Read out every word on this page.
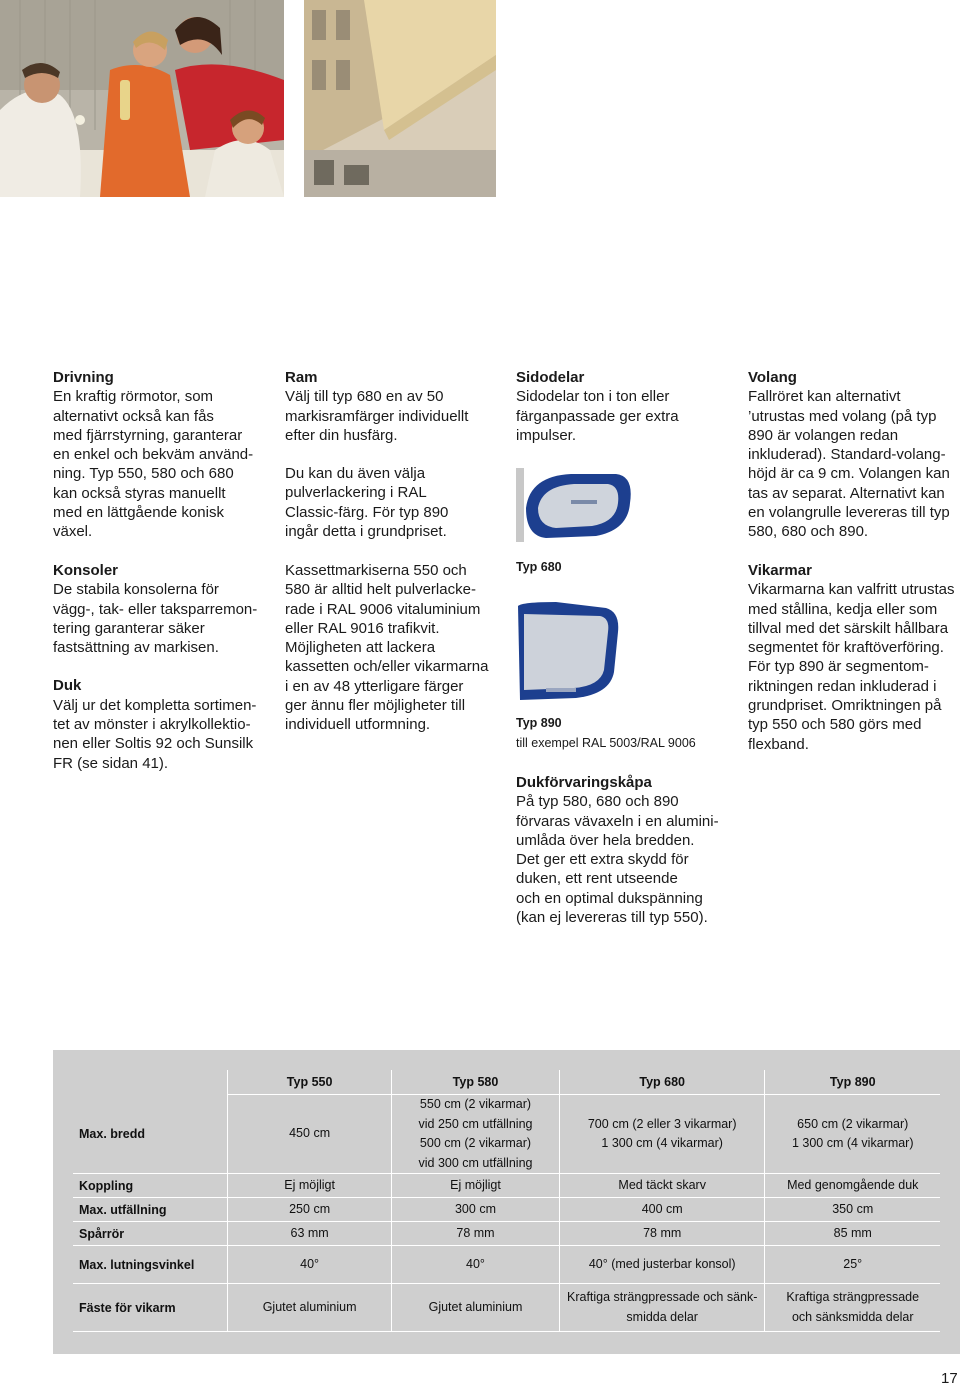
Drivning

En kraftig rörmotor, som
alternativt också kan fås
med fjärrstyrning, garanterar
en enkel och bekväm använd-
ning. Typ 550, 580 och 680
kan också styras manuellt
med en lättgående konisk
växel.

Konsoler

De stabila konsolerna för
vägg-, tak- eller taksparremon-
tering garanterar säker
fastsättning av markisen.

Duk

Välj ur det kompletta sortimen-
tet av mönster i akrylkollektio-
nen eller Soltis 92 och Sunsilk
FR (se sidan 41).

Ram

Välj till typ 680 en av 50
markisramfärger individuellt
efter din husfärg.

Du kan du även välja
pulverlackering i RAL
Classic-färg. För typ 890
ingår detta i grundpriset.

Kassettmarkiserna 550 och
580 är alltid helt pulverlacke-
rade i RAL 9006 vitaluminium
eller RAL 9016 trafikvit.
Möjligheten att lackera
kassetten och/eller vikarmarna
i en av 48 ytterligare färger
ger ännu fler möjligheter till
individuell utformning.

Sidodelar

Sidodelar ton i ton eller
färganpassade ger extra
impulser.

Typ 680
Typ 890
till exempel RAL 5003/RAL 9006
Dukförvaringskåpa

På typ 580, 680 och 890
förvaras vävaxeln i en alumini-
umlåda över hela bredden.
Det ger ett extra skydd för
duken, ett rent utseende
och en optimal dukspänning
(kan ej levereras till typ 550).

Volang

Fallröret kan alternativt
’utrustas med volang (på typ
890 är volangen redan
inkluderad). Standard-volang-
höjd är ca 9 cm. Volangen kan
tas av separat. Alternativt kan
en volangrulle levereras till typ
580, 680 och 890.

Vikarmar

Vikarmarna kan valfritt utrustas
med stållina, kedja eller som
tillval med det särskilt hållbara
segmentet för kraftöverföring.
För typ 890 är segmentom-
riktningen redan inkluderad i
grundpriset. Omriktningen på
typ 550 och 580 görs med
flexband.

	Typ 550	Typ 580	Typ 680	Typ 890
Max. bredd	450 cm	550 cm (2 vikarmar)
vid 250 cm utfällning
500 cm (2 vikarmar)
vid 300 cm utfällning	700 cm (2 eller 3 vikarmar)
1 300 cm (4 vikarmar)	650 cm (2 vikarmar)
1 300 cm (4 vikarmar)
Koppling	Ej möjligt	Ej möjligt	Med täckt skarv	Med genomgående duk
Max. utfällning	250 cm	300 cm	400 cm	350 cm
Spårrör	63 mm	78 mm	78 mm	85 mm
Max. lutningsvinkel	40°	40°	40° (med justerbar konsol)	25°
Fäste för vikarm	Gjutet aluminium	Gjutet aluminium	Kraftiga strängpressade och sänk-
smidda delar	Kraftiga strängpressade
och sänksmidda delar
17
